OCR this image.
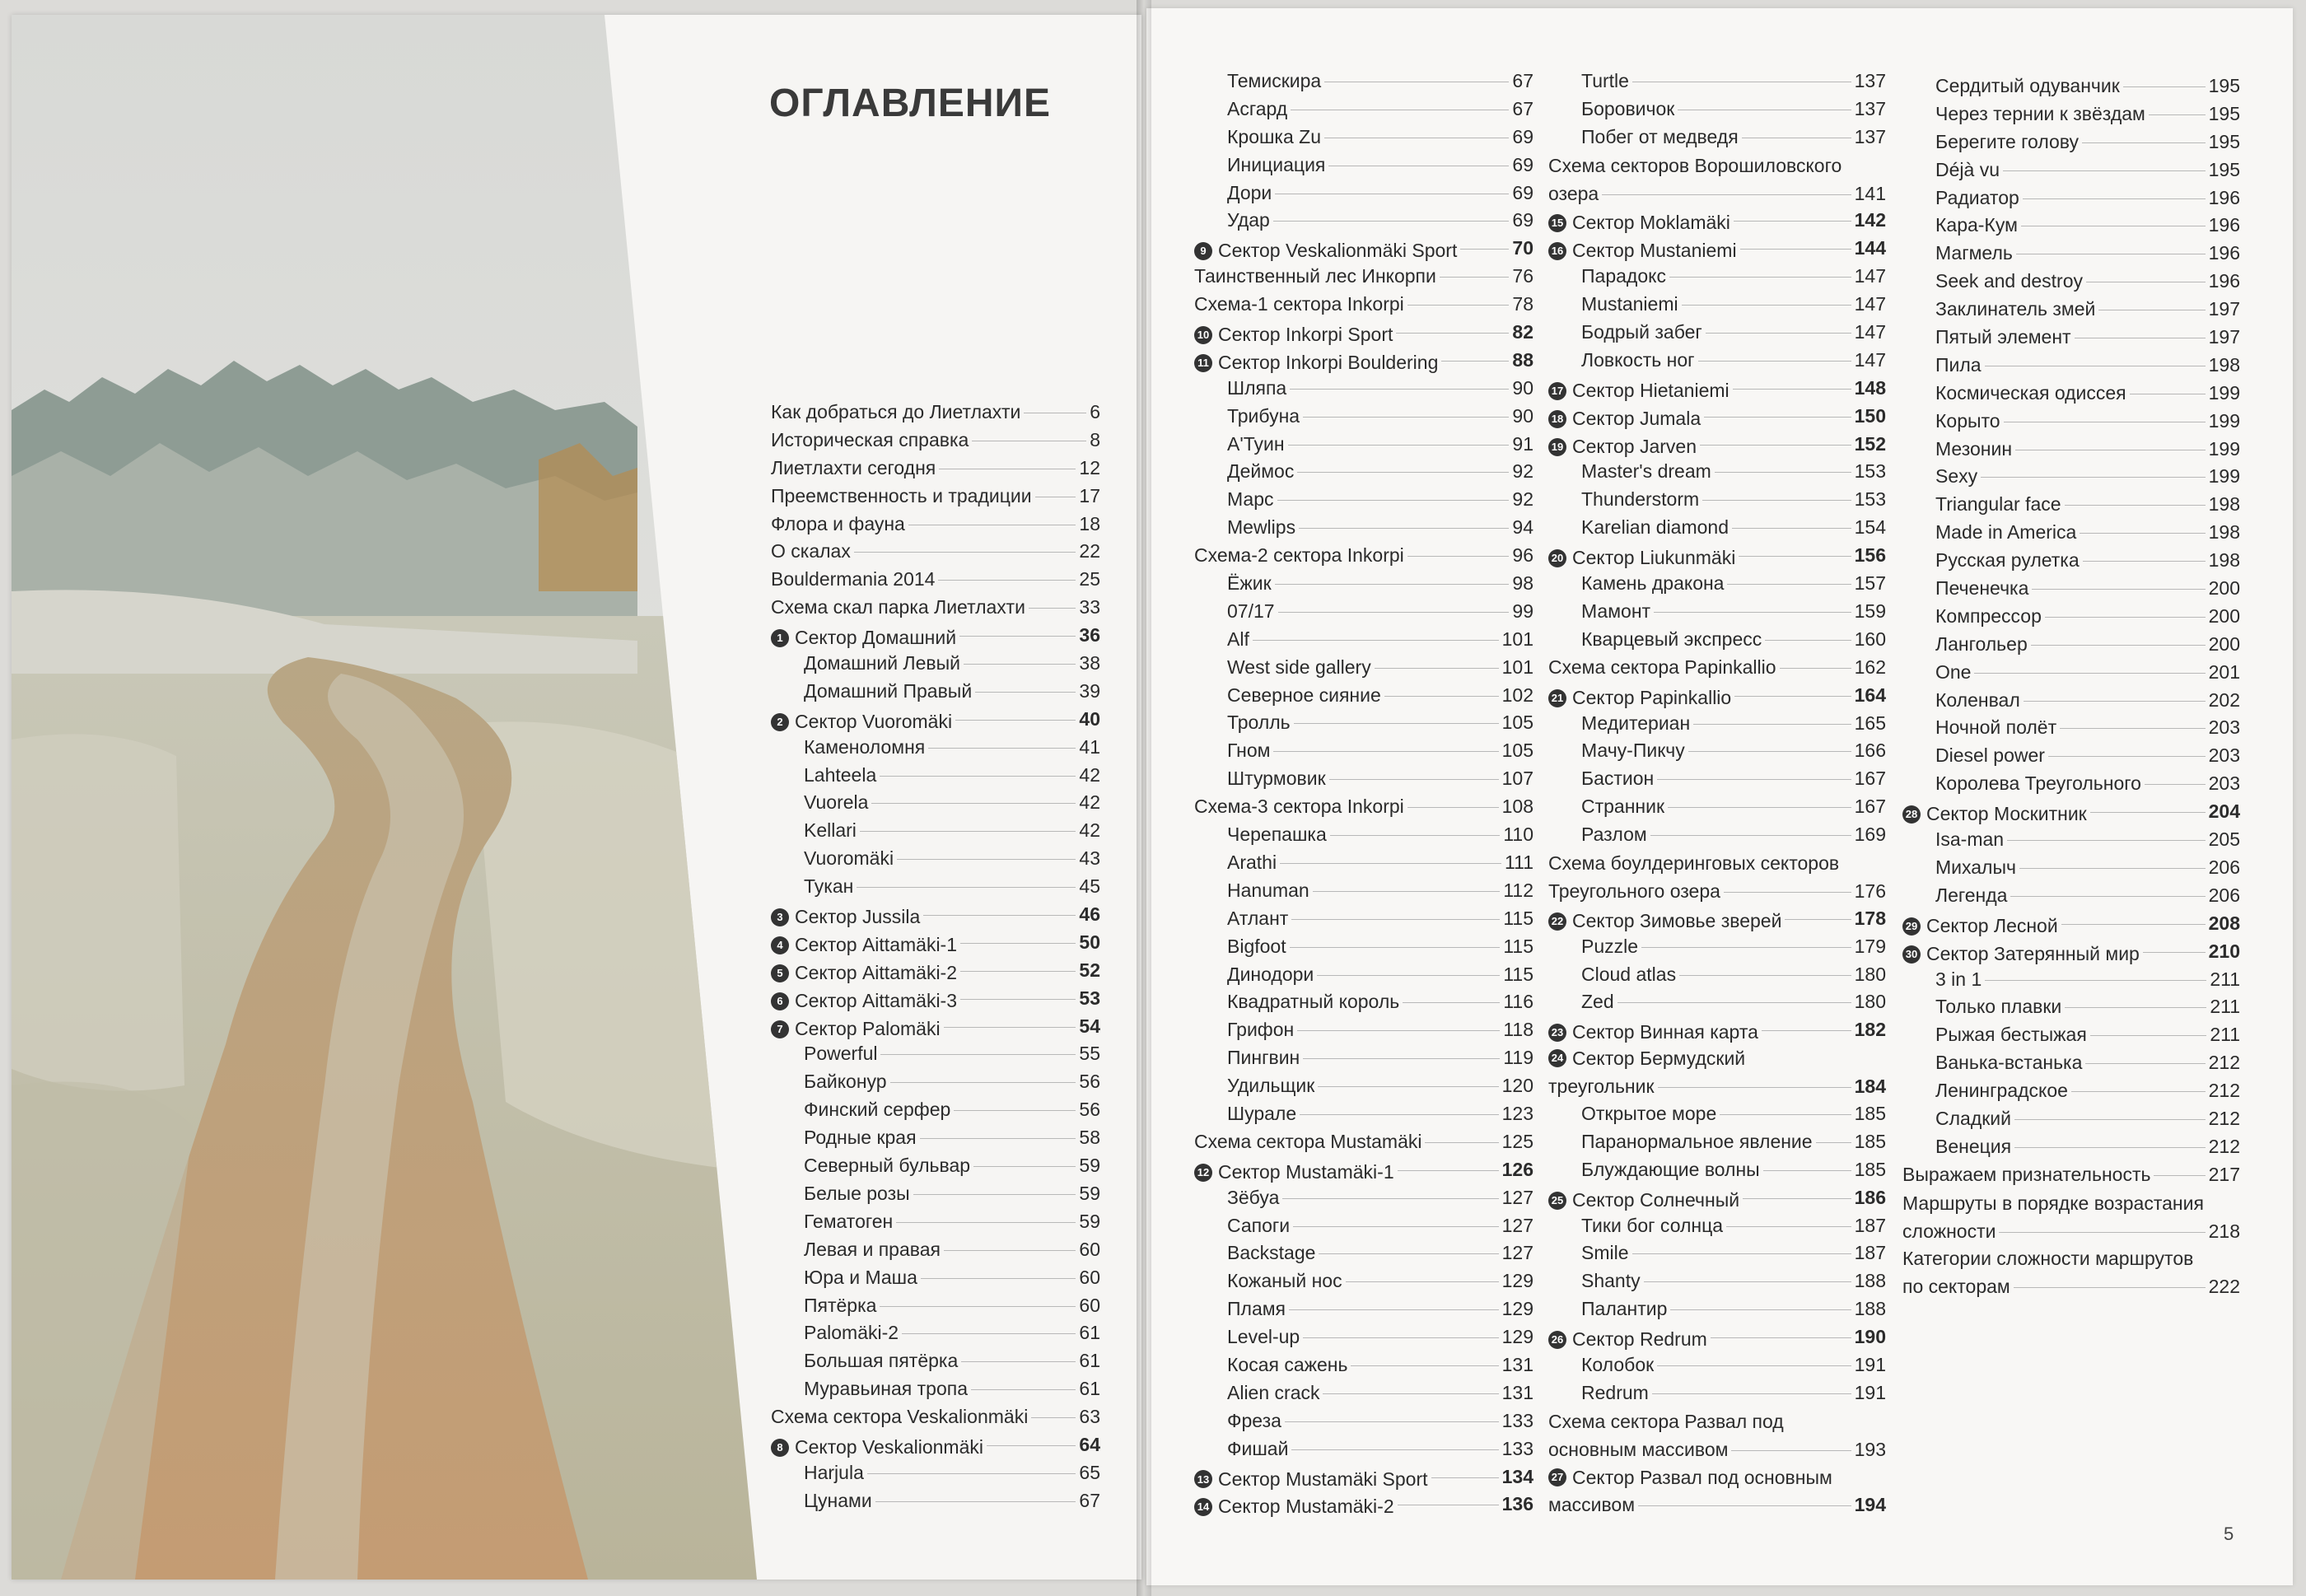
ОГЛАВЛЕНИЕ
5
Как добраться до Лиетлахти	6
Историческая справка	8
Лиетлахти сегодня	12
Преемственность и традиции	17
Флора и фауна	18
О скалах	22
Bouldermania 2014	25
Схема скал парка Лиетлахти	33
1 Сектор Домашний	36
Домашний Левый	38
Домашний Правый	39
2 Сектор Vuoromäki	40
Каменоломня	41
Lahteela	42
Vuorela	42
Kellari	42
Vuoromäki	43
Тукан	45
3 Сектор Jussila	46
4 Сектор Aittamäki-1	50
5 Сектор Aittamäki-2	52
6 Сектор Aittamäki-3	53
7 Сектор Palomäki	54
Powerful	55
Байконур	56
Финский серфер	56
Родные края	58
Северный бульвар	59
Белые розы	59
Гематоген	59
Левая и правая	60
Юра и Маша	60
Пятёрка	60
Palomäki-2	61
Большая пятёрка	61
Муравьиная тропа	61
Схема сектора Veskalionmäki	63
8 Сектор Veskalionmäki	64
Harjula	65
Цунами	67
Темискира	67
Асгард	67
Крошка Zu	69
Инициация	69
Дори	69
Удар	69
9 Сектор Veskalionmäki Sport	70
Таинственный лес Инкорпи	76
Схема-1 сектора Inkorpi	78
10 Сектор Inkorpi Sport	82
11 Сектор Inkorpi Bouldering	88
Шляпа	90
Трибуна	90
А'Туин	91
Деймос	92
Марс	92
Mewlips	94
Схема-2 сектора Inkorpi	96
Ёжик	98
07/17	99
Alf	101
West side gallery	101
Северное сияние	102
Тролль	105
Гном	105
Штурмовик	107
Схема-3 сектора Inkorpi	108
Черепашка	110
Arathi	111
Hanuman	112
Атлант	115
Bigfoot	115
Динодори	115
Квадратный король	116
Грифон	118
Пингвин	119
Удильщик	120
Шурале	123
Схема сектора Mustamäki	125
12 Сектор Mustamäki-1	126
Зёбуа	127
Сапоги	127
Backstage	127
Кожаный нос	129
Пламя	129
Level-up	129
Косая сажень	131
Alien crack	131
Фреза	133
Фишай	133
13 Сектор Mustamäki Sport	134
14 Сектор Mustamäki-2	136
Turtle	137
Боровичок	137
Побег от медведя	137
Схема секторов Ворошиловского
озера	141
15 Сектор Moklamäki	142
16 Сектор Mustaniemi	144
Парадокс	147
Mustaniemi	147
Бодрый забег	147
Ловкость ног	147
17 Сектор Hietaniemi	148
18 Сектор Jumala	150
19 Сектор Jarven	152
Master's dream	153
Thunderstorm	153
Karelian diamond	154
20 Сектор Liukunmäki	156
Камень дракона	157
Мамонт	159
Кварцевый экспресс	160
Схема сектора Papinkallio	162
21 Сектор Papinkallio	164
Медитериан	165
Мачу-Пикчу	166
Бастион	167
Странник	167
Разлом	169
Схема боулдеринговых секторов
Треугольного озера	176
22 Сектор Зимовье зверей	178
Puzzle	179
Cloud atlas	180
Zed	180
23 Сектор Винная карта	182
24 Сектор Бермудский
треугольник	184
Открытое море	185
Паранормальное явление 185
Блуждающие волны	185
25 Сектор Солнечный	186
Тики бог солнца	187
Smile	187
Shanty	188
Палантир	188
26 Сектор Redrum	190
Колобок	191
Redrum	191
Схема сектора Развал под
основным массивом	193
27 Сектор Развал под основным
массивом	194
Сердитый одуванчик	195
Через тернии к звёздам	195
Берегите голову	195
Déjà vu	195
Радиатор	196
Кара-Кум	196
Магмель	196
Seek and destroy	196
Заклинатель змей	197
Пятый элемент	197
Пила	198
Космическая одиссея	199
Корыто	199
Мезонин	199
Sexy	199
Triangular face	198
Made in America	198
Русская рулетка	198
Печенечка	200
Компрессор	200
Лангольер	200
One	201
Коленвал	202
Ночной полёт	203
Diesel power	203
Королева Треугольного	203
28 Сектор Москитник	204
Isa-man	205
Михалыч	206
Легенда	206
29 Сектор Лесной	208
30 Сектор Затерянный мир	210
3 in 1	211
Только плавки	211
Рыжая бестыжая	211
Ванька-встанька	212
Ленинградское	212
Сладкий	212
Венеция	212
Выражаем признательность	217
Маршруты в порядке возрастания
сложности	218
Категории сложности маршрутов
по секторам	222
